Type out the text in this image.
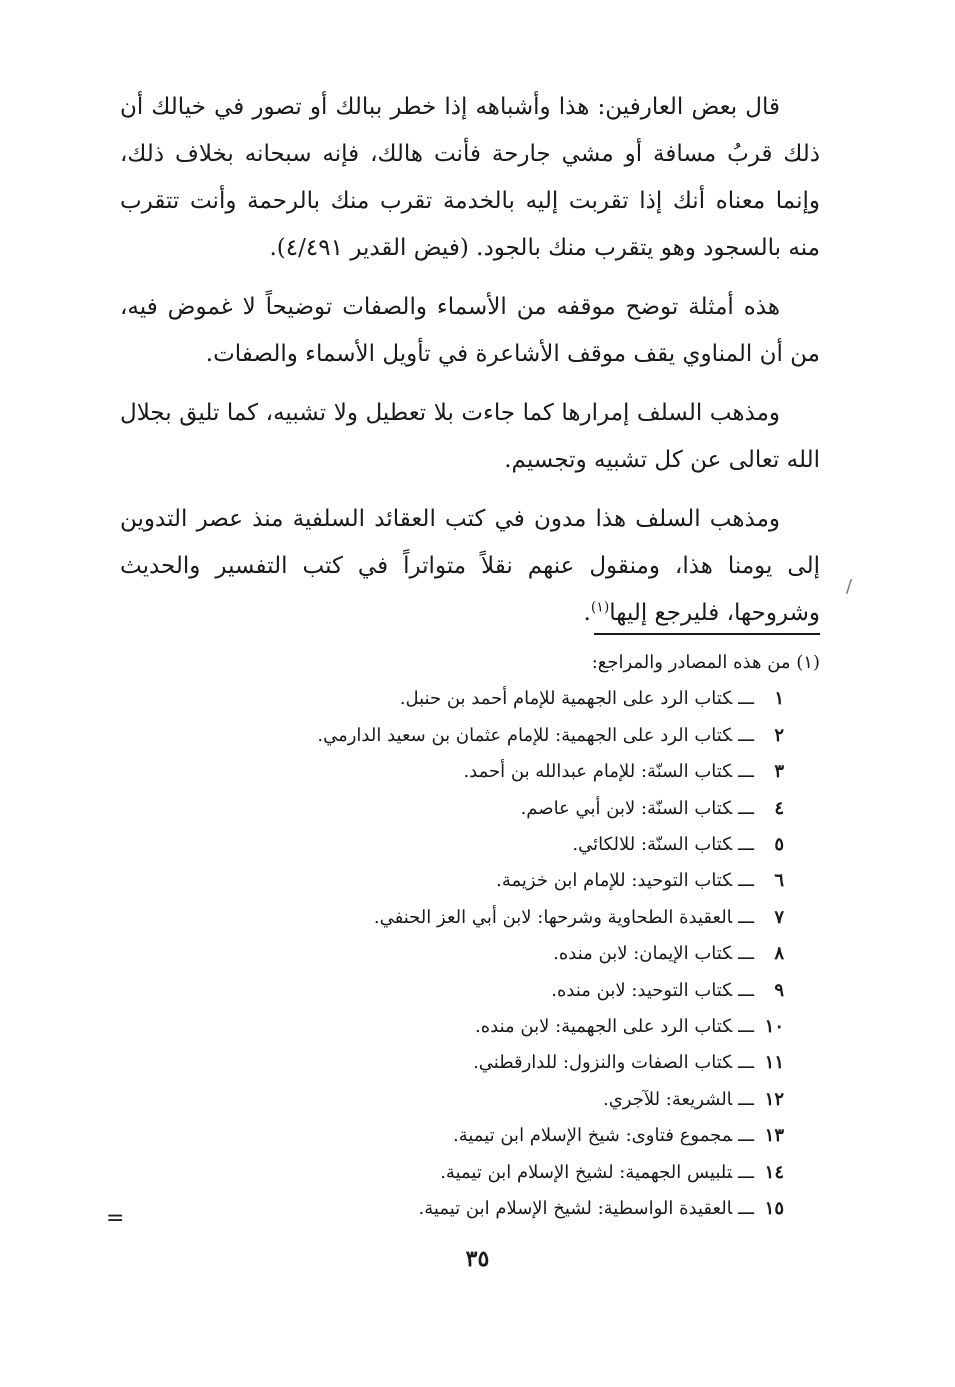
قال بعض العارفين: هذا وأشباهه إذا خطر ببالك أو تصور في خيالك أن ذلك قربُ مسافة أو مشي جارحة فأنت هالك، فإنه سبحانه بخلاف ذلك، وإنما معناه أنك إذا تقربت إليه بالخدمة تقرب منك بالرحمة وأنت تتقرب منه بالسجود وهو يتقرب منك بالجود. (فيض القدير ٤/٤٩١).

هذه أمثلة توضح موقفه من الأسماء والصفات توضيحاً لا غموض فيه، من أن المناوي يقف موقف الأشاعرة في تأويل الأسماء والصفات.

ومذهب السلف إمرارها كما جاءت بلا تعطيل ولا تشبيه، كما تليق بجلال الله تعالى عن كل تشبيه وتجسيم.

ومذهب السلف هذا مدون في كتب العقائد السلفية منذ عصر التدوين إلى يومنا هذا، ومنقول عنهم نقلاً متواتراً في كتب التفسير والحديث وشروحها، فليرجع إليها$^{(١)}$.

/

(١) من هذه المصادر والمراجع:

١ـــكتاب الرد على الجهمية للإمام أحمد بن حنبل.
٢ـــكتاب الرد على الجهمية: للإمام عثمان بن سعيد الدارمي.
٣ـــكتاب السنّة: للإمام عبدالله بن أحمد.
٤ـــكتاب السنّة: لابن أبي عاصم.
٥ـــكتاب السنّة: للالكائي.
٦ـــكتاب التوحيد: للإمام ابن خزيمة.
٧ـــالعقيدة الطحاوية وشرحها: لابن أبي العز الحنفي.
٨ـــكتاب الإيمان: لابن منده.
٩ـــكتاب التوحيد: لابن منده.
١٠ـــكتاب الرد على الجهمية: لابن منده.
١١ـــكتاب الصفات والنزول: للدارقطني.
١٢ـــالشريعة: للآجري.
١٣ـــمجموع فتاوى: شيخ الإسلام ابن تيمية.
١٤ـــتلبيس الجهمية: لشيخ الإسلام ابن تيمية.
١٥ـــالعقيدة الواسطية: لشيخ الإسلام ابن تيمية.
=
٣٥
